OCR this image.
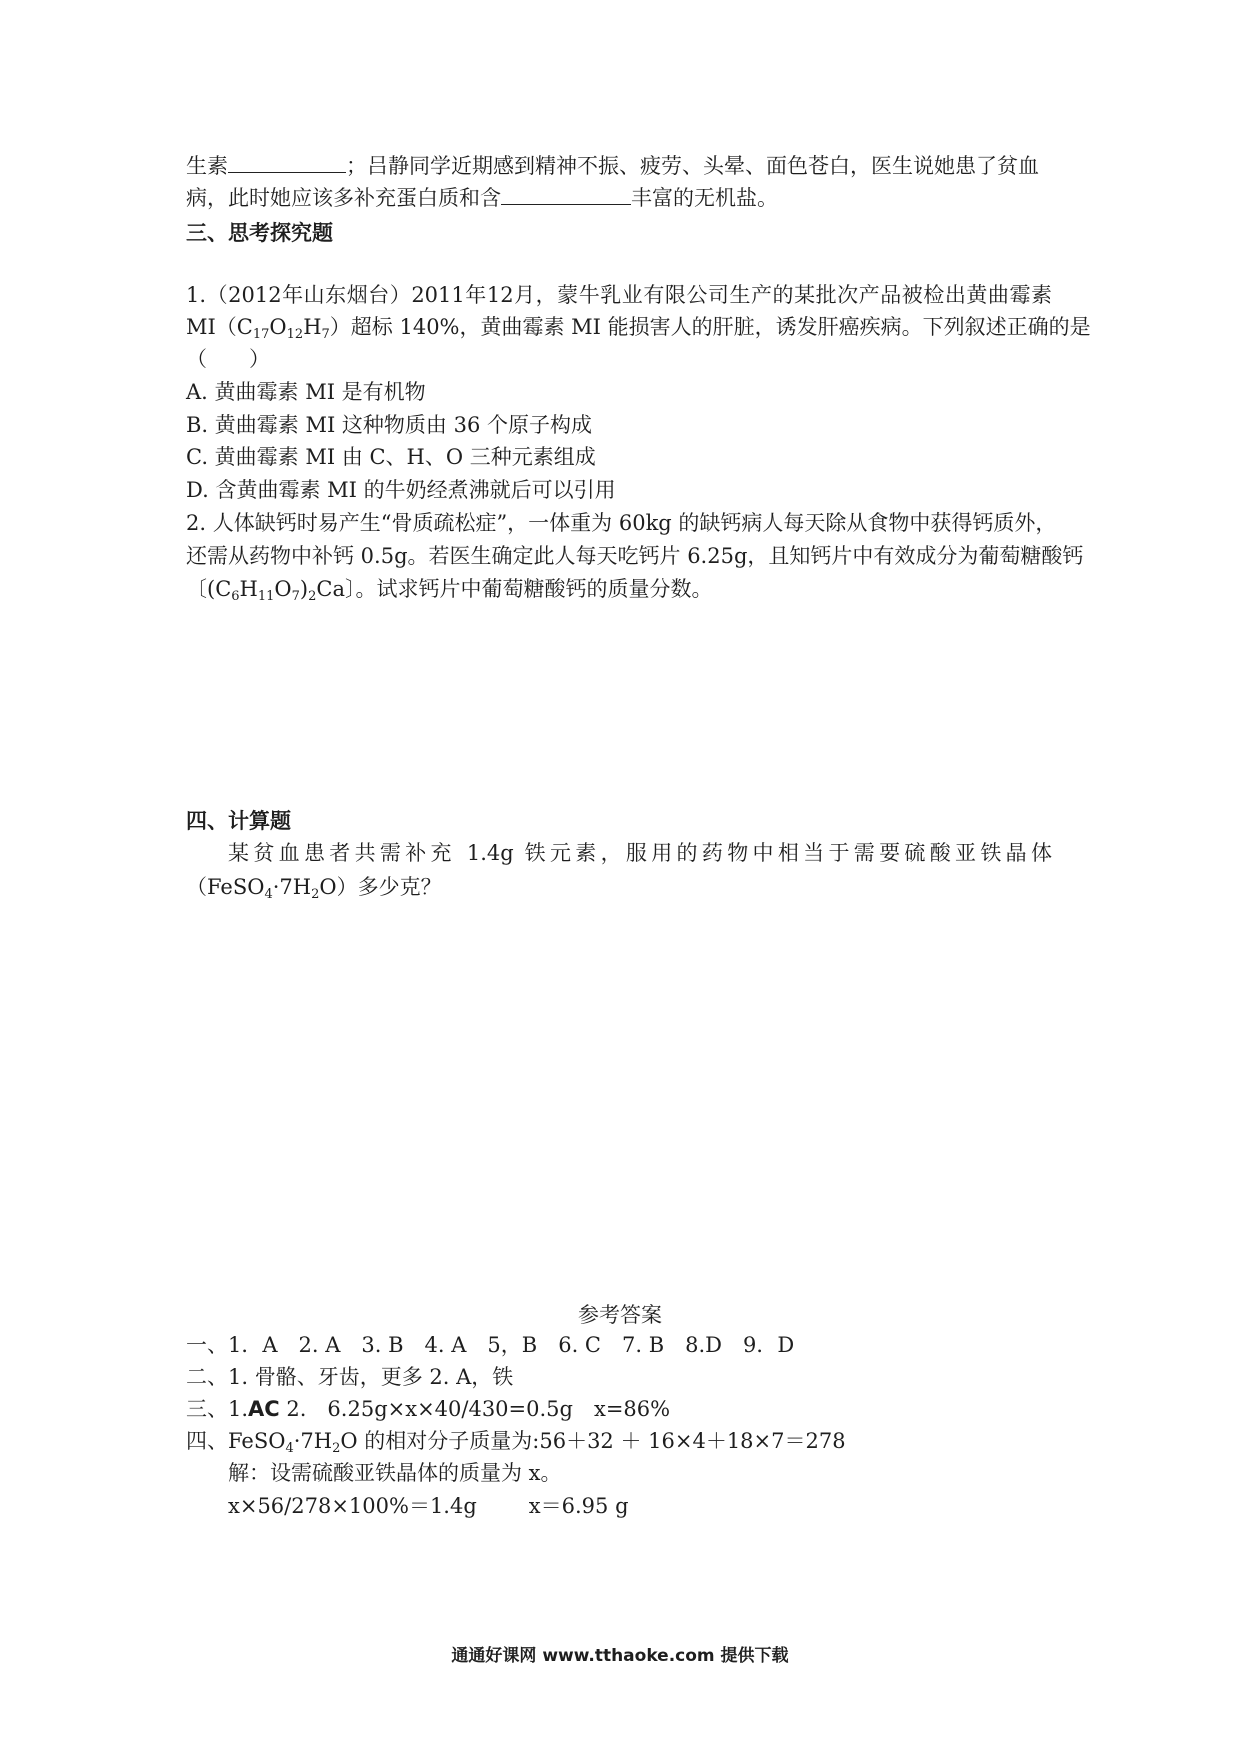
生素	；吕静同学近期感到精神不振、疲劳、头晕、面色苍白，医生说她患了贫血
病，此时她应该多补充蛋白质和含	丰富的无机盐。
三、思考探究题
1.（2012年山东烟台）2011年12月，蒙牛乳业有限公司生产的某批次产品被检出黄曲霉素
$MI(C_{17}O_{12}H_7)$超标 140%，黄曲霉素 MI 能损害人的肝脏，诱发肝癌疾病。下列叙述正确的是
（　　）
A. 黄曲霉素 MI 是有机物
B. 黄曲霉素 MI 这种物质由 36 个原子构成
C. 黄曲霉素 MI 由 C、H、O 三种元素组成
D. 含黄曲霉素 MI 的牛奶经煮沸就后可以引用
2. 人体缺钙时易产生“骨质疏松症”，一体重为 60kg 的缺钙病人每天除从食物中获得钙质外，
还需从药物中补钙 0.5g。若医生确定此人每天吃钙片 6.25g，且知钙片中有效成分为葡萄糖酸钙
〔$(C_6H_{11}O_7)_2Ca$〕。试求钙片中葡萄糖酸钙的质量分数。
四、计算题
某贫血患者共需补充 1.4g 铁元素，服用的药物中相当于需要硫酸亚铁晶体
$(FeSO_4\cdot 7H_2O)$多少克？
参考答案
一、1．A　2. A　3. B　4. A　5，B　6. C　7. B　8.D　9．D
二、1. 骨骼、牙齿，更多 2. A，铁
三、1.AC 2.　6.25g×x×40/430=0.5g　x=86%
四、$FeSO_4\cdot 7H_2O$ 的相对分子质量为:56＋32 ＋ 16×4＋18×7＝278
解：设需硫酸亚铁晶体的质量为 x。
x×56/278×100%＝1.4g x＝6.95 g
通通好课网 www.tthaoke.com 提供下载
